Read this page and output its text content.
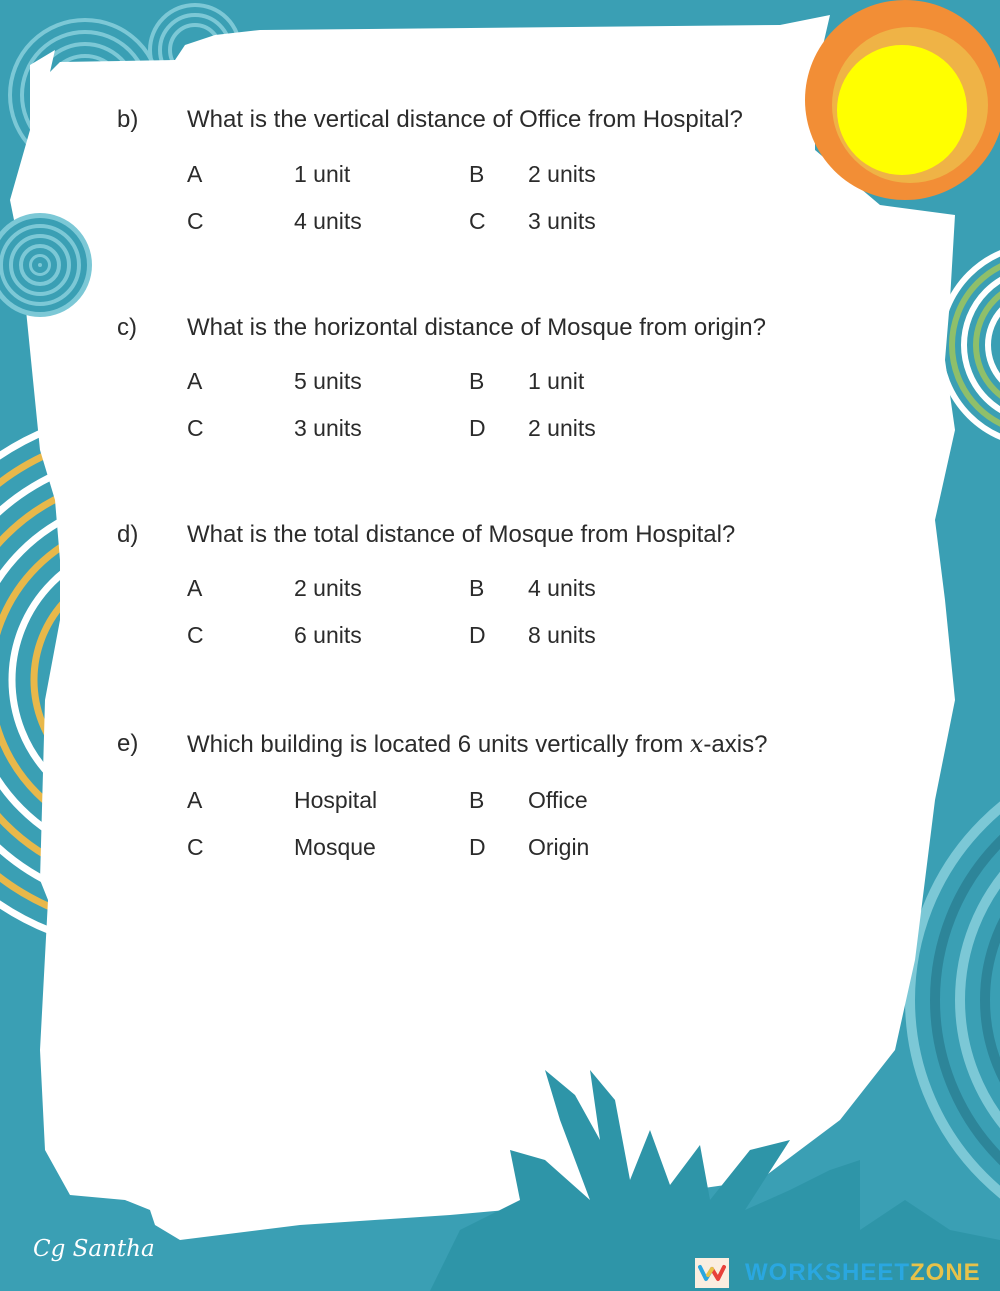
b) What is the vertical distance of Office from Hospital?
A	1 unit	B 2 units
C	4 units	C 3 units
c) What is the horizontal distance of Mosque from origin?
A	5 units	B 1 unit
C	3 units	D 2 units
d) What is the total distance of Mosque from Hospital?
A	2 units	B 4 units
C	6 units	D 8 units
e) Which building is located 6 units vertically from x-axis?
A	Hospital	B Office
C	Mosque	D Origin
Cg Santha
WORKSHEETZONE
